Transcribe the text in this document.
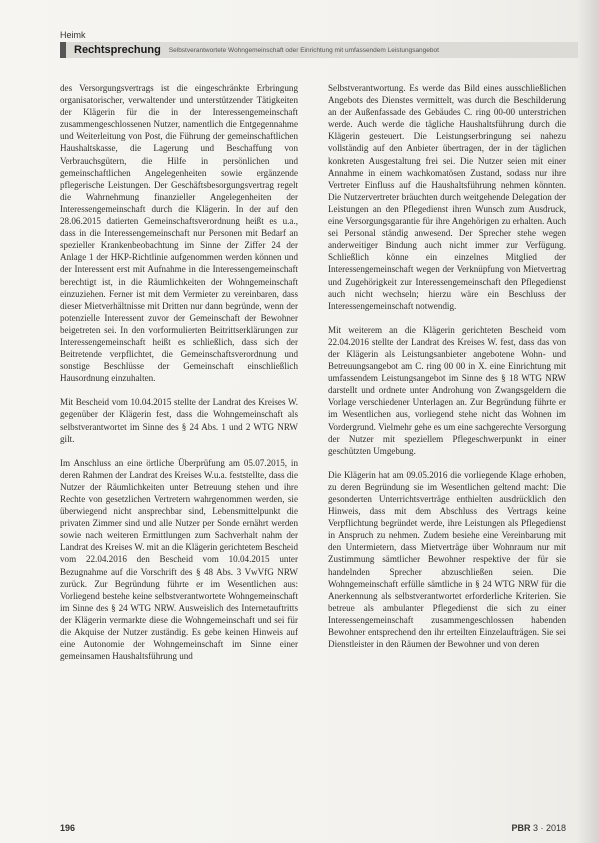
Heimk
Rechtsprechung Selbstverantwortete Wohngemeinschaft oder Einrichtung mit umfassendem Leistungsangebot

des Versorgungsvertrags ist die eingeschränkte Erbringung organisatorischer, verwaltender und unterstützender Tätigkeiten der Klägerin für die in der Interessengemeinschaft zusammengeschlossenen Nutzer, namentlich die Entgegennahme und Weiterleitung von Post, die Führung der gemeinschaftlichen Haushaltskasse, die Lagerung und Beschaffung von Verbrauchsgütern, die Hilfe in persönlichen und gemeinschaftlichen Angelegenheiten sowie ergänzende pflegerische Leistungen. Der Geschäftsbesorgungsvertrag regelt die Wahrnehmung finanzieller Angelegenheiten der Interessengemeinschaft durch die Klägerin. In der auf den 28.06.2015 datierten Gemeinschaftsverordnung heißt es u.a., dass in die Interessengemeinschaft nur Personen mit Bedarf an spezieller Krankenbeobachtung im Sinne der Ziffer 24 der Anlage 1 der HKP-Richtlinie aufgenommen werden können und der Interessent erst mit Aufnahme in die Interessengemeinschaft berechtigt ist, in die Räumlichkeiten der Wohngemeinschaft einzuziehen. Ferner ist mit dem Vermieter zu vereinbaren, dass dieser Mietverhältnisse mit Dritten nur dann begründe, wenn der potenzielle Interessent zuvor der Gemeinschaft der Bewohner beigetreten sei. In den vorformulierten Beitrittserklärungen zur Interessengemeinschaft heißt es schließlich, dass sich der Beitretende verpflichtet, die Gemeinschaftsverordnung und sonstige Beschlüsse der Gemeinschaft einschließlich Hausordnung einzuhalten.

Mit Bescheid vom 10.04.2015 stellte der Landrat des Kreises W. gegenüber der Klägerin fest, dass die Wohngemeinschaft als selbstverantwortet im Sinne des § 24 Abs. 1 und 2 WTG NRW gilt.

Im Anschluss an eine örtliche Überprüfung am 05.07.2015, in deren Rahmen der Landrat des Kreises W.u.a. feststellte, dass die Nutzer der Räumlichkeiten unter Betreuung stehen und ihre Rechte von gesetzlichen Vertretern wahrgenommen werden, sie überwiegend nicht ansprechbar sind, Lebensmittelpunkt die privaten Zimmer sind und alle Nutzer per Sonde ernährt werden sowie nach weiteren Ermittlungen zum Sachverhalt nahm der Landrat des Kreises W. mit an die Klägerin gerichtetem Bescheid vom 22.04.2016 den Bescheid vom 10.04.2015 unter Bezugnahme auf die Vorschrift des § 48 Abs. 3 VwVfG NRW zurück. Zur Begründung führte er im Wesentlichen aus: Vorliegend bestehe keine selbstverantwortete Wohngemeinschaft im Sinne des § 24 WTG NRW. Ausweislich des Internetauftritts der Klägerin vermarkte diese die Wohngemeinschaft und sei für die Akquise der Nutzer zuständig. Es gebe keinen Hinweis auf eine Autonomie der Wohngemeinschaft im Sinne einer gemeinsamen Haushaltsführung und

Selbstverantwortung. Es werde das Bild eines ausschließlichen Angebots des Dienstes vermittelt, was durch die Beschilderung an der Außenfassade des Gebäudes C. ring 00-00 unterstrichen werde. Auch werde die tägliche Haushaltsführung durch die Klägerin gesteuert. Die Leistungserbringung sei nahezu vollständig auf den Anbieter übertragen, der in der täglichen konkreten Ausgestaltung frei sei. Die Nutzer seien mit einer Annahme in einem wachkomatösen Zustand, sodass nur ihre Vertreter Einfluss auf die Haushaltsführung nehmen könnten. Die Nutzervertreter bräuchten durch weitgehende Delegation der Leistungen an den Pflegedienst ihren Wunsch zum Ausdruck, eine Versorgungsgarantie für ihre Angehörigen zu erhalten. Auch sei Personal ständig anwesend. Der Sprecher stehe wegen anderweitiger Bindung auch nicht immer zur Verfügung. Schließlich könne ein einzelnes Mitglied der Interessengemeinschaft wegen der Verknüpfung von Mietvertrag und Zugehörigkeit zur Interessengemeinschaft den Pflegedienst auch nicht wechseln; hierzu wäre ein Beschluss der Interessengemeinschaft notwendig.

Mit weiterem an die Klägerin gerichteten Bescheid vom 22.04.2016 stellte der Landrat des Kreises W. fest, dass das von der Klägerin als Leistungsanbieter angebotene Wohn- und Betreuungsangebot am C. ring 00 00 in X. eine Einrichtung mit umfassendem Leistungsangebot im Sinne des § 18 WTG NRW darstellt und ordnete unter Androhung von Zwangsgeldern die Vorlage verschiedener Unterlagen an. Zur Begründung führte er im Wesentlichen aus, vorliegend stehe nicht das Wohnen im Vordergrund. Vielmehr gehe es um eine sachgerechte Versorgung der Nutzer mit speziellem Pflegeschwerpunkt in einer geschützten Umgebung.

Die Klägerin hat am 09.05.2016 die vorliegende Klage erhoben, zu deren Begründung sie im Wesentlichen geltend macht: Die gesonderten Unterrichtsverträge enthielten ausdrücklich den Hinweis, dass mit dem Abschluss des Vertrags keine Verpflichtung begründet werde, ihre Leistungen als Pflegedienst in Anspruch zu nehmen. Zudem besiehe eine Vereinbarung mit den Untermietern, dass Mietverträge über Wohnraum nur mit Zustimmung sämtlicher Bewohner respektive der für sie handelnden Sprecher abzuschließen seien. Die Wohngemeinschaft erfülle sämtliche in § 24 WTG NRW für die Anerkennung als selbstverantwortet erforderliche Kriterien. Sie betreue als ambulanter Pflegedienst die sich zu einer Interessengemeinschaft zusammengeschlossen habenden Bewohner entsprechend den ihr erteilten Einzelaufträgen. Sie sei Dienstleister in den Räumen der Bewohner und von deren

196	PBR 3 · 2018
